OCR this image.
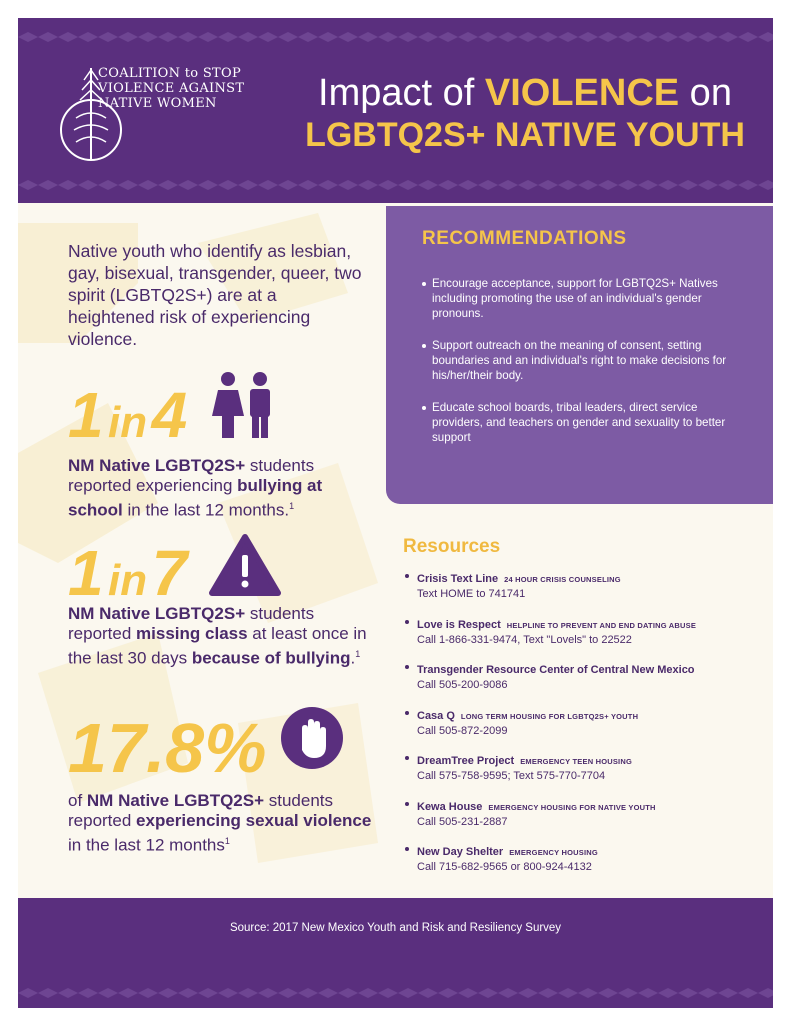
COALITION to STOP
VIOLENCE AGAINST
NATIVE WOMEN	Impact of VIOLENCE on
LGBTQ2S+ NATIVE YOUTH
Native youth who identify as lesbian, gay, bisexual, transgender, queer, two spirit (LGBTQ2S+) are at a heightened risk of experiencing violence.
RECOMMENDATIONS
Encourage acceptance, support for LGBTQ2S+ Natives including promoting the use of an individual's gender pronouns.
Support outreach on the meaning of consent, setting boundaries and an individual's right to make decisions for his/her/their body.
Educate school boards, tribal leaders, direct service providers, and teachers on gender and sexuality to better support
1 in 4
NM Native LGBTQ2S+ students reported experiencing bullying at school in the last 12 months.$^1$
1 in 7
NM Native LGBTQ2S+ students reported missing class at least once in the last 30 days because of bullying.$^1$
17.8%
of NM Native LGBTQ2S+ students reported experiencing sexual violence in the last 12 months$^1$
Resources
Crisis Text Line 24 HOUR CRISIS COUNSELING
Text HOME to 741741
Love is Respect HELPLINE TO PREVENT AND END DATING ABUSE
Call 1-866-331-9474, Text "Lovels" to 22522
Transgender Resource Center of Central New Mexico
Call 505-200-9086
Casa Q LONG TERM HOUSING FOR LGBTQ2S+ YOUTH
Call 505-872-2099
DreamTree Project EMERGENCY TEEN HOUSING
Call 575-758-9595; Text 575-770-7704
Kewa House EMERGENCY HOUSING FOR NATIVE YOUTH
Call 505-231-2887
New Day Shelter EMERGENCY HOUSING
Call 715-682-9565 or 800-924-4132
Source: 2017 New Mexico Youth and Risk and Resiliency Survey
